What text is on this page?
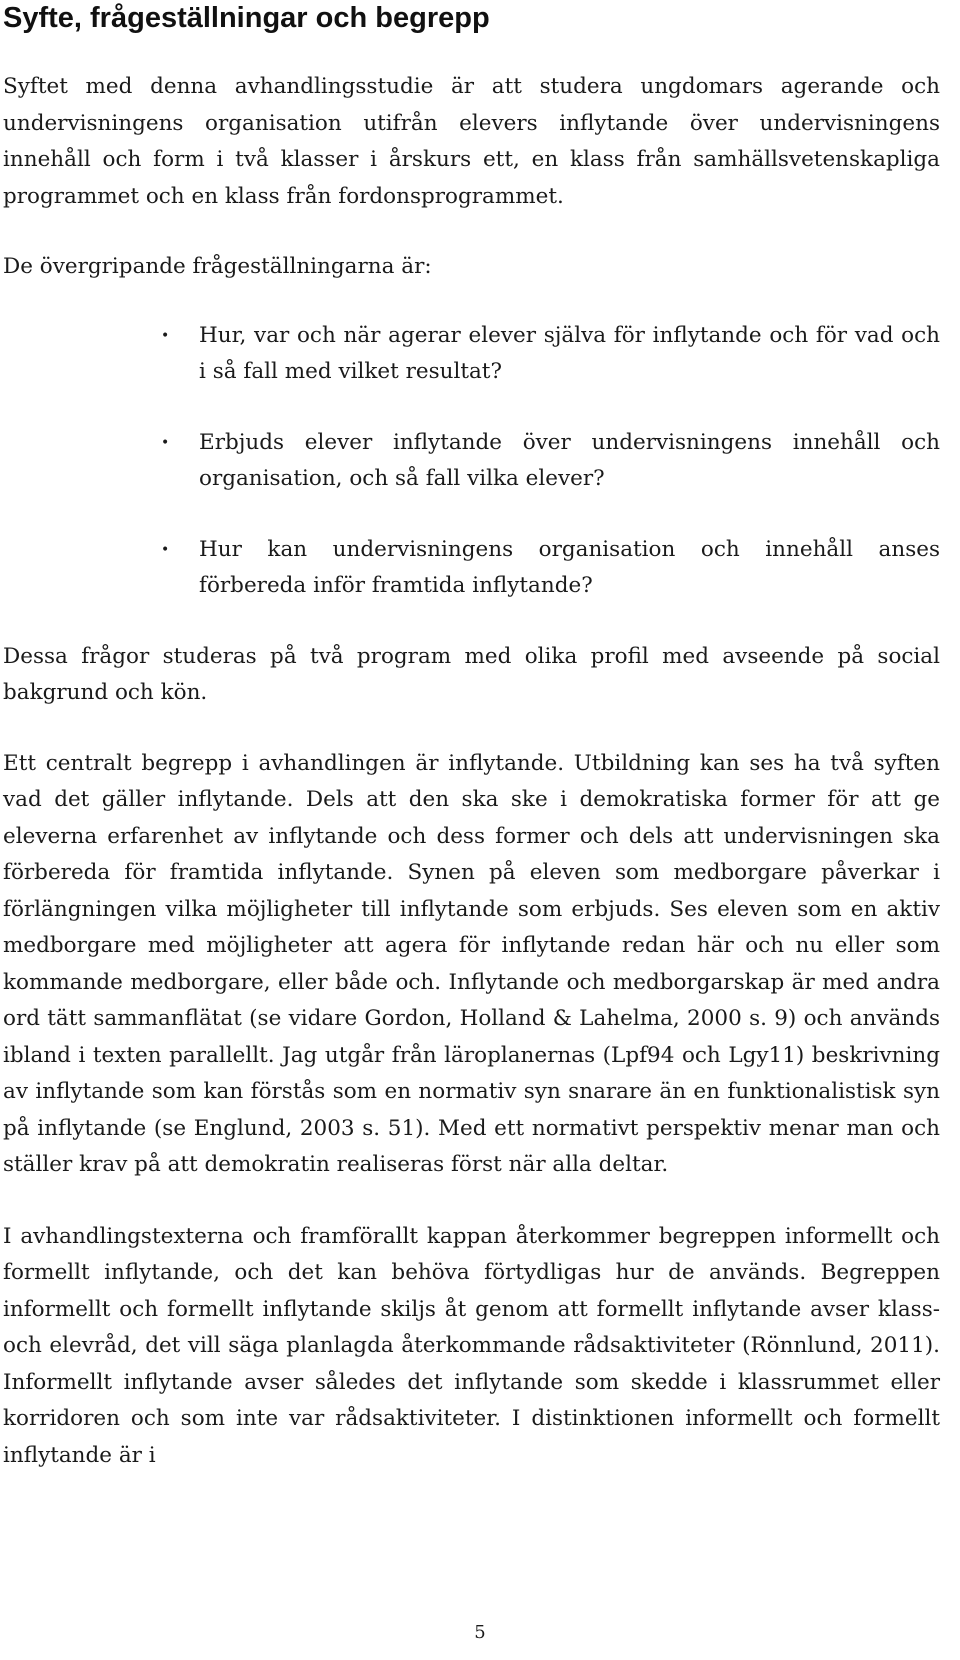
Syfte, frågeställningar och begrepp

Syftet med denna avhandlingsstudie är att studera ungdomars agerande och undervisningens organisation utifrån elevers inflytande över undervisningens innehåll och form i två klasser i årskurs ett, en klass från samhällsvetenskapliga programmet och en klass från fordonsprogrammet.

De övergripande frågeställningarna är:

• Hur, var och när agerar elever själva för inflytande och för vad och i så fall med vilket resultat?
• Erbjuds elever inflytande över undervisningens innehåll och organisation, och så fall vilka elever?
• Hur kan undervisningens organisation och innehåll anses förbereda inför framtida inflytande?

Dessa frågor studeras på två program med olika profil med avseende på social bakgrund och kön.

Ett centralt begrepp i avhandlingen är inflytande. Utbildning kan ses ha två syften vad det gäller inflytande. Dels att den ska ske i demokratiska former för att ge eleverna erfarenhet av inflytande och dess former och dels att undervisningen ska förbereda för framtida inflytande. Synen på eleven som medborgare påverkar i förlängningen vilka möjligheter till inflytande som erbjuds. Ses eleven som en aktiv medborgare med möjligheter att agera för inflytande redan här och nu eller som kommande medborgare, eller både och. Inflytande och medborgarskap är med andra ord tätt sammanflätat (se vidare Gordon, Holland & Lahelma, 2000 s. 9) och används ibland i texten parallellt. Jag utgår från läroplanernas (Lpf94 och Lgy11) beskrivning av inflytande som kan förstås som en normativ syn snarare än en funktionalistisk syn på inflytande (se Englund, 2003 s. 51). Med ett normativt perspektiv menar man och ställer krav på att demokratin realiseras först när alla deltar.

I avhandlingstexterna och framförallt kappan återkommer begreppen informellt och formellt inflytande, och det kan behöva förtydligas hur de används. Begreppen informellt och formellt inflytande skiljs åt genom att formellt inflytande avser klass- och elevråd, det vill säga planlagda återkommande rådsaktiviteter (Rönnlund, 2011). Informellt inflytande avser således det inflytande som skedde i klassrummet eller korridoren och som inte var rådsaktiviteter. I distinktionen informellt och formellt inflytande är i

5
